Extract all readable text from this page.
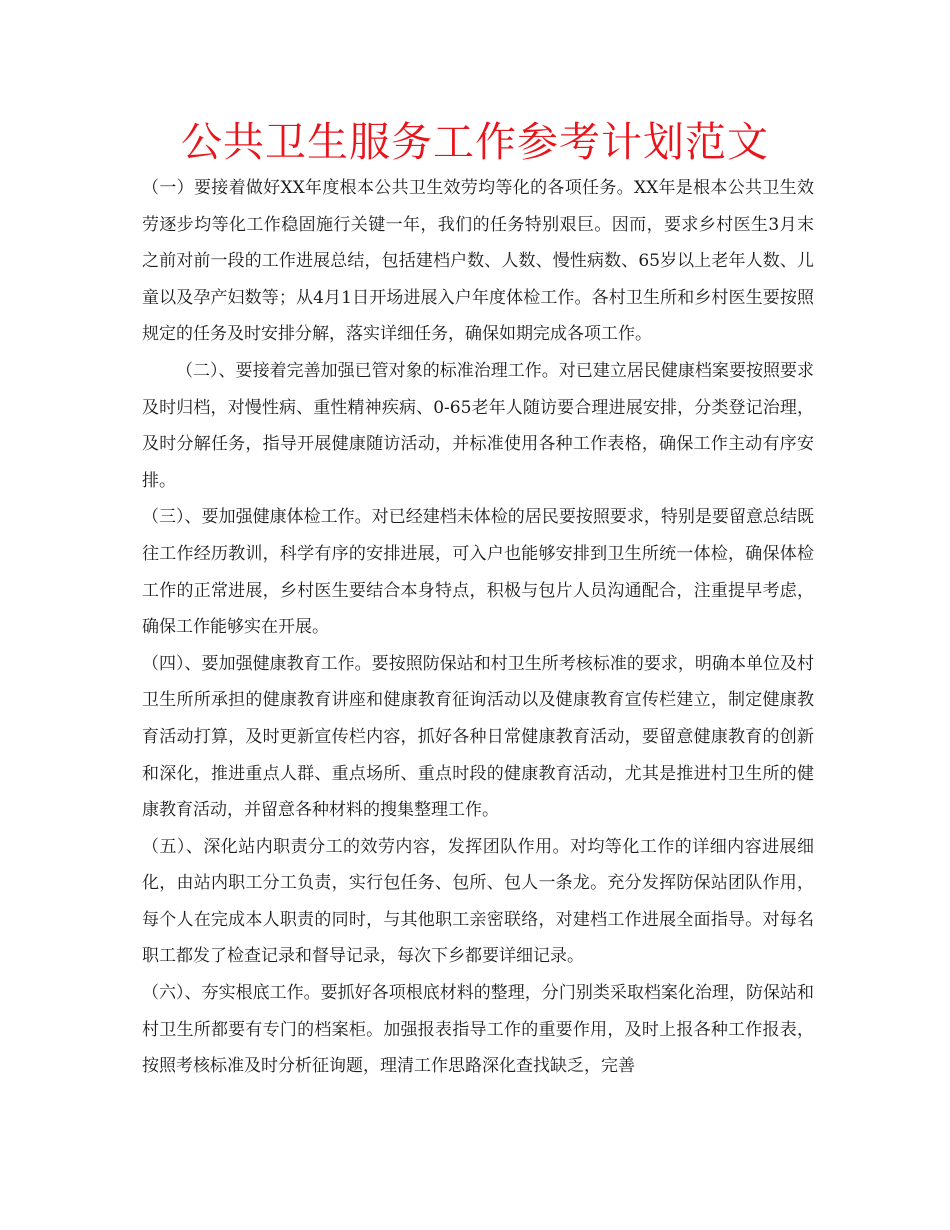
公共卫生服务工作参考计划范文

（一）要接着做好XX年度根本公共卫生效劳均等化的各项任务。XX年是根本公共卫生效劳逐步均等化工作稳固施行关键一年，我们的任务特别艰巨。因而，要求乡村医生3月末之前对前一段的工作进展总结，包括建档户数、人数、慢性病数、65岁以上老年人数、儿童以及孕产妇数等；从4月1日开场进展入户年度体检工作。各村卫生所和乡村医生要按照规定的任务及时安排分解，落实详细任务，确保如期完成各项工作。

（二）、要接着完善加强已管对象的标准治理工作。对已建立居民健康档案要按照要求及时归档，对慢性病、重性精神疾病、0-65老年人随访要合理进展安排，分类登记治理，及时分解任务，指导开展健康随访活动，并标准使用各种工作表格，确保工作主动有序安排。

（三）、要加强健康体检工作。对已经建档未体检的居民要按照要求，特别是要留意总结既往工作经历教训，科学有序的安排进展，可入户也能够安排到卫生所统一体检，确保体检工作的正常进展，乡村医生要结合本身特点，积极与包片人员沟通配合，注重提早考虑，确保工作能够实在开展。

（四）、要加强健康教育工作。要按照防保站和村卫生所考核标准的要求，明确本单位及村卫生所所承担的健康教育讲座和健康教育征询活动以及健康教育宣传栏建立，制定健康教育活动打算，及时更新宣传栏内容，抓好各种日常健康教育活动，要留意健康教育的创新和深化，推进重点人群、重点场所、重点时段的健康教育活动，尤其是推进村卫生所的健康教育活动，并留意各种材料的搜集整理工作。

（五）、深化站内职责分工的效劳内容，发挥团队作用。对均等化工作的详细内容进展细化，由站内职工分工负责，实行包任务、包所、包人一条龙。充分发挥防保站团队作用，每个人在完成本人职责的同时，与其他职工亲密联络，对建档工作进展全面指导。对每名职工都发了检查记录和督导记录，每次下乡都要详细记录。

（六）、夯实根底工作。要抓好各项根底材料的整理，分门别类采取档案化治理，防保站和村卫生所都要有专门的档案柜。加强报表指导工作的重要作用，及时上报各种工作报表，按照考核标准及时分析征询题，理清工作思路深化查找缺乏，完善
